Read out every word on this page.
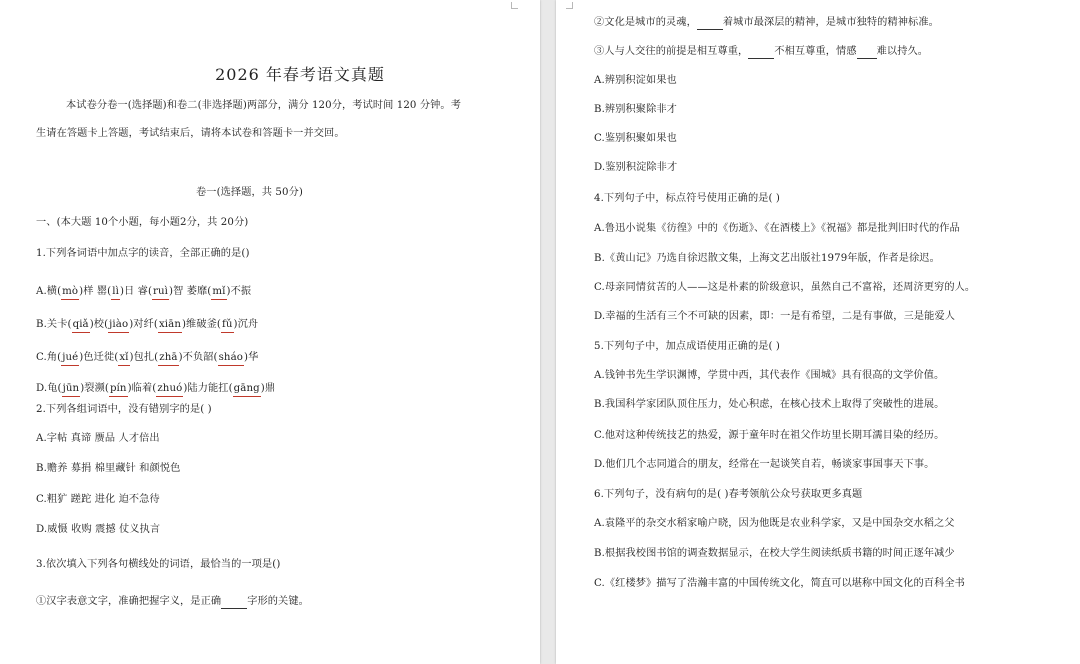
2026 年春考语文真题
本试卷分卷一(选择题)和卷二(非选择题)两部分，满分 120分，考试时间 120 分钟。考
生请在答题卡上答题，考试结束后，请将本试卷和答题卡一并交回。
卷一(选择题，共 50分)
一、(本大题 10个小题，每小题2分，共 20分)
1.下列各词语中加点字的读音，全部正确的是()
A.横(mò)样 罂(lì)日 睿(ruì)智 萎靡(mǐ)不振
B.关卡(qiǎ)校(jiào)对纤(xiān)维破釜(fǔ)沉舟
C.角(jué)色迁徙(xǐ)包扎(zhā)不负韶(sháo)华
D.龟(jūn)裂濒(pín)临着(zhuó)陆力能扛(gāng)鼎
2.下列各组词语中，没有错别字的是( )
A.字帖 真谛 赝品 人才倍出
B.赡养 募捐 棉里藏针 和颜悦色
C.粗犷 蹉跎 进化 迫不急待
D.威慑 收购 震撼 仗义执言
3.依次填入下列各句横线处的词语，最恰当的一项是()
①汉字表意文字，准确把握字义，是正确	字形的关键。
②文化是城市的灵魂，	着城市最深层的精神，是城市独特的精神标准。
③人与人交往的前提是相互尊重，	不相互尊重，情感 难以持久。
A.辨别积淀如果也
B.辨别积聚除非才
C.鉴别积聚如果也
D.鉴别积淀除非才
4.下列句子中，标点符号使用正确的是( )
A.鲁迅小说集《彷徨》中的《伤逝》、《在酒楼上》《祝福》都是批判旧时代的作品
B.《黄山记》乃选自徐迟散文集，上海文艺出版社1979年版，作者是徐迟。
C.母亲同情贫苦的人——这是朴素的阶级意识，虽然自己不富裕，还周济更穷的人。
D.幸福的生活有三个不可缺的因素，即：一是有希望，二是有事做，三是能爱人
5.下列句子中，加点成语使用正确的是( )
A.钱钟书先生学识渊博，学贯中西，其代表作《围城》具有很高的文学价值。
B.我国科学家团队顶住压力，处心积虑，在核心技术上取得了突破性的进展。
C.他对这种传统技艺的热爱，源于童年时在祖父作坊里长期耳濡目染的经历。
D.他们几个志同道合的朋友，经常在一起谈笑自若，畅谈家事国事天下事。
6.下列句子，没有病句的是( )春考领航公众号获取更多真题
A.袁隆平的杂交水稻家喻户晓，因为他既是农业科学家，又是中国杂交水稻之父
B.根据我校图书馆的调查数据显示，在校大学生阅读纸质书籍的时间正逐年减少
C.《红楼梦》描写了浩瀚丰富的中国传统文化，简直可以堪称中国文化的百科全书
